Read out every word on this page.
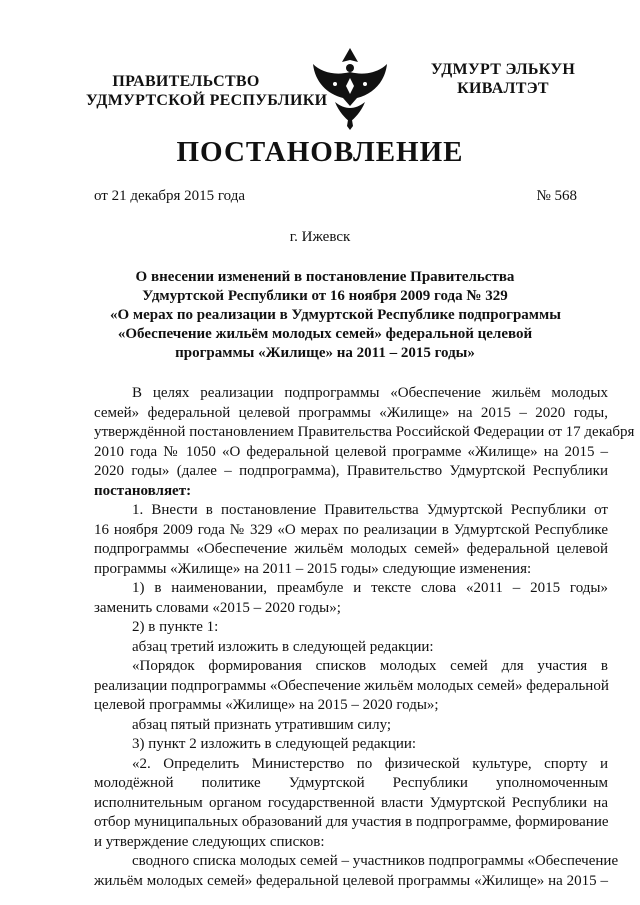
ПРАВИТЕЛЬСТВО
УДМУРТСКОЙ РЕСПУБЛИКИ
УДМУРТ ЭЛЬКУН
КИВАЛТЭТ
ПОСТАНОВЛЕНИЕ
от 21 декабря 2015 года	№ 568
г. Ижевск
О внесении изменений в постановление Правительства
Удмуртской Республики от 16 ноября 2009 года № 329
«О мерах по реализации в Удмуртской Республике подпрограммы
«Обеспечение жильём молодых семей» федеральной целевой
программы «Жилище» на 2011 – 2015 годы»
В целях реализации подпрограммы «Обеспечение жильём молодых
семей» федеральной целевой программы «Жилище» на 2015 – 2020 годы,
утверждённой постановлением Правительства Российской Федерации от 17 декабря
2010 года № 1050 «О федеральной целевой программе «Жилище» на 2015 –
2020 годы» (далее – подпрограмма), Правительство Удмуртской Республики
постановляет:
1. Внести в постановление Правительства Удмуртской Республики от
16 ноября 2009 года № 329 «О мерах по реализации в Удмуртской Республике
подпрограммы «Обеспечение жильём молодых семей» федеральной целевой
программы «Жилище» на 2011 – 2015 годы» следующие изменения:
1) в наименовании, преамбуле и тексте слова «2011 – 2015 годы»
заменить словами «2015 – 2020 годы»;
2) в пункте 1:
абзац третий изложить в следующей редакции:
«Порядок формирования списков молодых семей для участия в
реализации подпрограммы «Обеспечение жильём молодых семей» федеральной
целевой программы «Жилище» на 2015 – 2020 годы»;
абзац пятый признать утратившим силу;
3) пункт 2 изложить в следующей редакции:
«2. Определить Министерство по физической культуре, спорту и
молодёжной политике Удмуртской Республики уполномоченным
исполнительным органом государственной власти Удмуртской Республики на
отбор муниципальных образований для участия в подпрограмме, формирование
и утверждение следующих списков:
сводного списка молодых семей – участников подпрограммы «Обеспечение
жильём молодых семей» федеральной целевой программы «Жилище» на 2015 –
